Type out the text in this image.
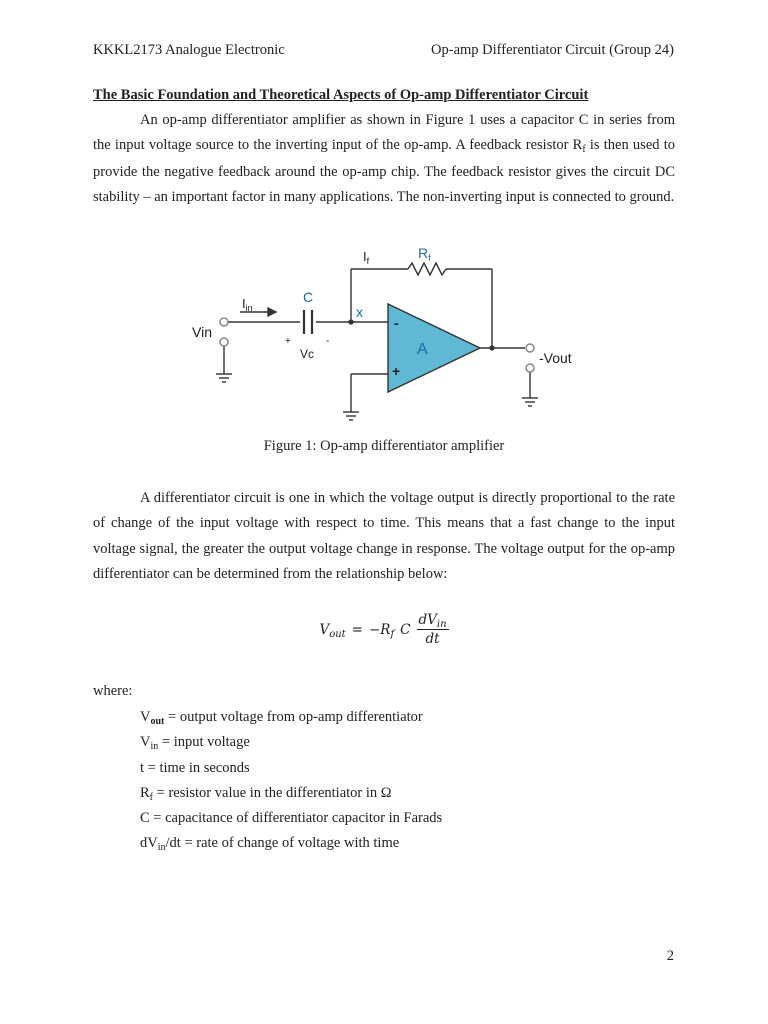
KKKL2173 Analogue Electronic	Op-amp Differentiator Circuit (Group 24)
The Basic Foundation and Theoretical Aspects of Op-amp Differentiator Circuit
An op-amp differentiator amplifier as shown in Figure 1 uses a capacitor C in series from the input voltage source to the inverting input of the op-amp. A feedback resistor $R_f$ is then used to provide the negative feedback around the op-amp chip. The feedback resistor gives the circuit DC stability – an important factor in many applications. The non-inverting input is connected to ground.
$I_f$	$R_f$
$I_{in}$
C
x
Vin
+	-
Vc
-
+
A	-Vout
Figure 1: Op-amp differentiator amplifier
A differentiator circuit is one in which the voltage output is directly proportional to the rate of change of the input voltage with respect to time. This means that a fast change to the input voltage signal, the greater the output voltage change in response. The voltage output for the op-amp differentiator can be determined from the relationship below:
$V_{out} = -R_f$ C $\frac{dV_{in}}{dt}$
where:
$V_{out}$ = output voltage from op-amp differentiator
$V_{in}$ = input voltage
t = time in seconds
$R_f$ = resistor value in the differentiator in Ω
C = capacitance of differentiator capacitor in Farads
$dV_{in}/dt$ = rate of change of voltage with time
2
